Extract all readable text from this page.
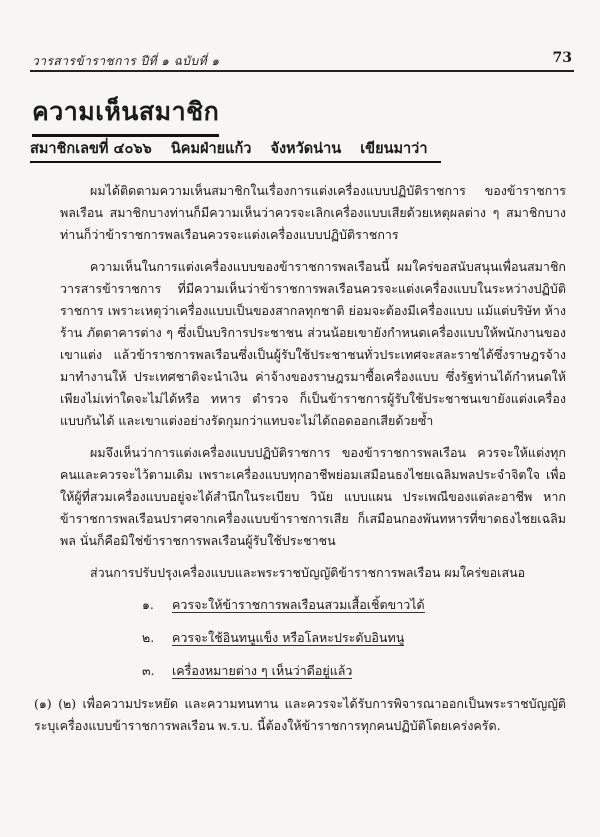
วารสารข้าราชการ ปีที่ ๑ ฉบับที่ ๑	73
ความเห็นสมาชิก
สมาชิกเลขที่ ๔๐๖๖ นิคมฝ่ายแก้ว จังหวัดน่าน เขียนมาว่า

ผมได้ติดตามความเห็นสมาชิกในเรื่องการแต่งเครื่องแบบปฏิบัติราชการ ของข้าราชการพลเรือน สมาชิกบางท่านก็มีความเห็นว่าควรจะเลิกเครื่องแบบเสียด้วยเหตุผลต่าง ๆ สมาชิกบางท่านก็ว่าข้าราชการพลเรือนควรจะแต่งเครื่องแบบปฏิบัติราชการ

ความเห็นในการแต่งเครื่องแบบของข้าราชการพลเรือนนี้ ผมใคร่ขอสนับสนุนเพื่อนสมาชิกวารสารข้าราชการ ที่มีความเห็นว่าข้าราชการพลเรือนควรจะแต่งเครื่องแบบในระหว่างปฏิบัติราชการ เพราะเหตุว่าเครื่องแบบเป็นของสากลทุกชาติ ย่อมจะต้องมีเครื่องแบบ แม้แต่บริษัท ห้างร้าน ภัตตาคารต่าง ๆ ซึ่งเป็นบริการประชาชน ส่วนน้อยเขายังกำหนดเครื่องแบบให้พนักงานของเขาแต่ง แล้วข้าราชการพลเรือนซึ่งเป็นผู้รับใช้ประชาชนทั่วประเทศจะสละราชได้ซึ่งราษฎรจ้างมาทำงานให้ ประเทศชาติจะนำเงิน ค่าจ้างของราษฎรมาซื้อเครื่องแบบ ซึ่งรัฐท่านได้กำหนดให้เพียงไม่เท่าใดจะไม่ได้หรือ ทหาร ตำรวจ ก็เป็นข้าราชการผู้รับใช้ประชาชนเขายังแต่งเครื่องแบบกันได้ และเขาแต่งอย่างรัดกุมกว่าแทบจะไม่ได้ถอดออกเสียด้วยซ้ำ

ผมจึงเห็นว่าการแต่งเครื่องแบบปฏิบัติราชการ ของข้าราชการพลเรือน ควรจะให้แต่งทุกคนและควรจะไว้ตามเดิม เพราะเครื่องแบบทุกอาชีพย่อมเสมือนธงไชยเฉลิมพลประจำจิตใจ เพื่อให้ผู้ที่สวมเครื่องแบบอยู่จะได้สำนึกในระเบียบ วินัย แบบแผน ประเพณีของแต่ละอาชีพ หากข้าราชการพลเรือนปราศจากเครื่องแบบข้าราชการเสีย ก็เสมือนกองพันทหารที่ขาดธงไชยเฉลิมพล นั่นก็คือมิใช่ข้าราชการพลเรือนผู้รับใช้ประชาชน

ส่วนการปรับปรุงเครื่องแบบและพระราชบัญญัติข้าราชการพลเรือน ผมใคร่ขอเสนอ

๑. ควรจะให้ข้าราชการพลเรือนสวมเสื้อเชิ้ตขาวได้
๒. ควรจะใช้อินทนูแข็ง หรือโลหะประดับอินทนู
๓. เครื่องหมายต่าง ๆ เห็นว่าดีอยู่แล้ว

(๑) (๒) เพื่อความประหยัด และความทนทาน และควรจะได้รับการพิจารณาออกเป็นพระราชบัญญัติระบุเครื่องแบบข้าราชการพลเรือน พ.ร.บ. นี้ต้องให้ข้าราชการทุกคนปฏิบัติโดยเคร่งครัด.
